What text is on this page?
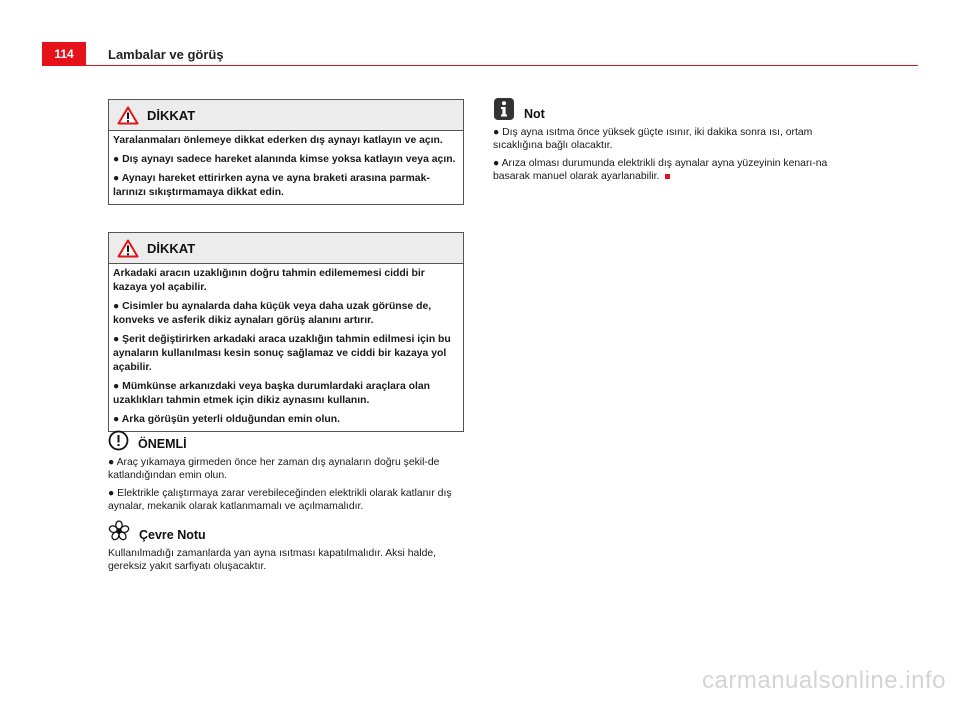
114	Lambalar ve görüş
DİKKAT

Yaralanmaları önlemeye dikkat ederken dış aynayı katlayın ve açın.

● Dış aynayı sadece hareket alanında kimse yoksa katlayın veya açın.

● Aynayı hareket ettirirken ayna ve ayna braketi arasına parmak-larınızı sıkıştırmamaya dikkat edin.

DİKKAT

Arkadaki aracın uzaklığının doğru tahmin edilememesi ciddi bir kazaya yol açabilir.

● Cisimler bu aynalarda daha küçük veya daha uzak görünse de, konveks ve asferik dikiz aynaları görüş alanını artırır.

● Şerit değiştirirken arkadaki araca uzaklığın tahmin edilmesi için bu aynaların kullanılması kesin sonuç sağlamaz ve ciddi bir kazaya yol açabilir.

● Mümkünse arkanızdaki veya başka durumlardaki araçlara olan uzaklıkları tahmin etmek için dikiz aynasını kullanın.

● Arka görüşün yeterli olduğundan emin olun.

ÖNEMLİ

● Araç yıkamaya girmeden önce her zaman dış aynaların doğru şekil-de katlandığından emin olun.

● Elektrikle çalıştırmaya zarar verebileceğinden elektrikli olarak katlanır dış aynalar, mekanik olarak katlanmamalı ve açılmamalıdır.

Çevre Notu

Kullanılmadığı zamanlarda yan ayna ısıtması kapatılmalıdır. Aksi halde, gereksiz yakıt sarfiyatı oluşacaktır.

Not

● Dış ayna ısıtma önce yüksek güçte ısınır, iki dakika sonra ısı, ortam sıcaklığına bağlı olacaktır.

● Arıza olması durumunda elektrikli dış aynalar ayna yüzeyinin kenarı-na basarak manuel olarak ayarlanabilir.

carmanualsonline.info
